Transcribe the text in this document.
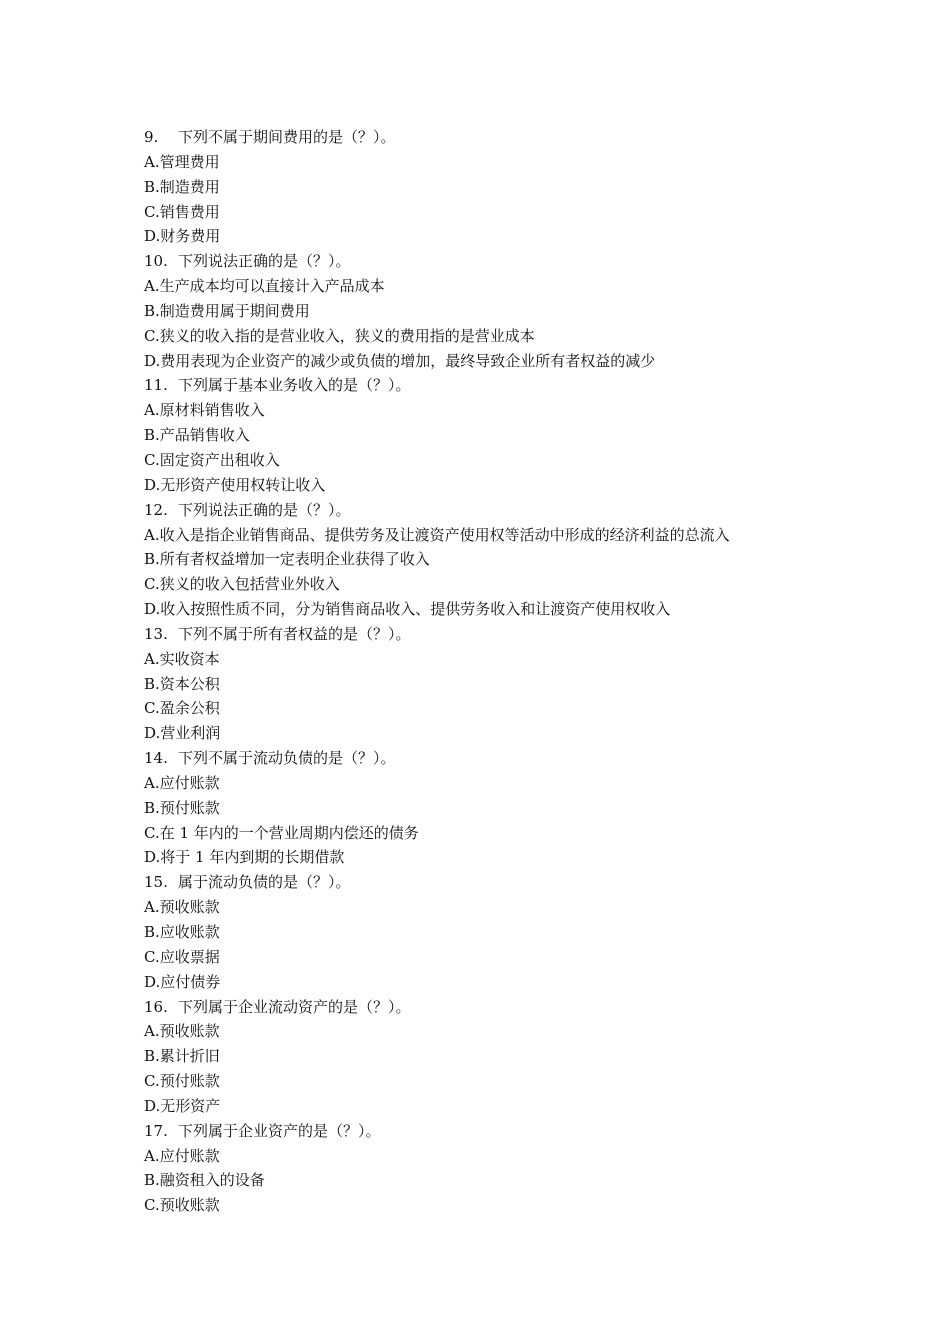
9. 下列不属于期间费用的是（？）。
A.管理费用
B.制造费用
C.销售费用
D.财务费用
10. 下列说法正确的是（？）。
A.生产成本均可以直接计入产品成本
B.制造费用属于期间费用
C.狭义的收入指的是营业收入，狭义的费用指的是营业成本
D.费用表现为企业资产的减少或负债的增加，最终导致企业所有者权益的减少
11. 下列属于基本业务收入的是（？）。
A.原材料销售收入
B.产品销售收入
C.固定资产出租收入
D.无形资产使用权转让收入
12. 下列说法正确的是（？）。
A.收入是指企业销售商品、提供劳务及让渡资产使用权等活动中形成的经济利益的总流入
B.所有者权益增加一定表明企业获得了收入
C.狭义的收入包括营业外收入
D.收入按照性质不同，分为销售商品收入、提供劳务收入和让渡资产使用权收入
13. 下列不属于所有者权益的是（？）。
A.实收资本
B.资本公积
C.盈余公积
D.营业利润
14. 下列不属于流动负债的是（？）。
A.应付账款
B.预付账款
C.在 1 年内的一个营业周期内偿还的债务
D.将于 1 年内到期的长期借款
15. 属于流动负债的是（？）。
A.预收账款
B.应收账款
C.应收票据
D.应付债券
16. 下列属于企业流动资产的是（？）。
A.预收账款
B.累计折旧
C.预付账款
D.无形资产
17. 下列属于企业资产的是（？）。
A.应付账款
B.融资租入的设备
C.预收账款
